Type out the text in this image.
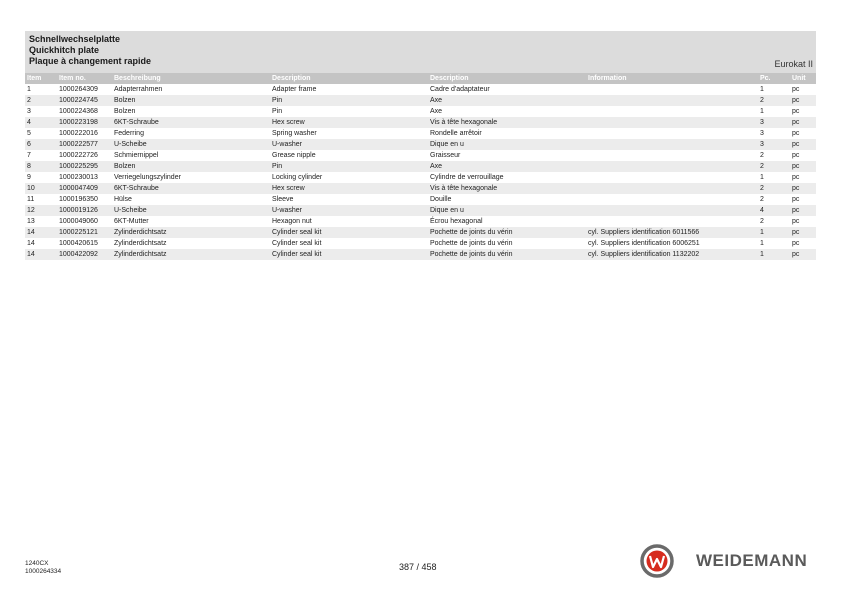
Schnellwechselplatte
Quickhitch plate
Plaque à changement rapide	Eurokat II
Item	Item no.	Beschreibung	Description	Description	Information	Pc.	Unit
1	1000264309	Adapterrahmen	Adapter frame	Cadre d'adaptateur		1	pc
2	1000224745	Bolzen	Pin	Axe		2	pc
3	1000224368	Bolzen	Pin	Axe		1	pc
4	1000223198	6KT-Schraube	Hex screw	Vis à tête hexagonale		3	pc
5	1000222016	Federring	Spring washer	Rondelle arrêtoir		3	pc
6	1000222577	U-Scheibe	U-washer	Dique en u		3	pc
7	1000222726	Schmiernippel	Grease nipple	Graisseur		2	pc
8	1000225295	Bolzen	Pin	Axe		2	pc
9	1000230013	Verriegelungszylinder	Locking cylinder	Cylindre de verrouillage		1	pc
10	1000047409	6KT-Schraube	Hex screw	Vis à tête hexagonale		2	pc
11	1000196350	Hülse	Sleeve	Douille		2	pc
12	1000019126	U-Scheibe	U-washer	Dique en u		4	pc
13	1000049060	6KT-Mutter	Hexagon nut	Écrou hexagonal		2	pc
14	1000225121	Zylinderdichtsatz	Cylinder seal kit	Pochette de joints du vérin	cyl. Suppliers identification 6011566	1	pc
14	1000420615	Zylinderdichtsatz	Cylinder seal kit	Pochette de joints du vérin	cyl. Suppliers identification 6006251	1	pc
14	1000422092	Zylinderdichtsatz	Cylinder seal kit	Pochette de joints du vérin	cyl. Suppliers identification 1132202	1	pc
1240CX
1000264334	387 / 458	WEIDEMANN
